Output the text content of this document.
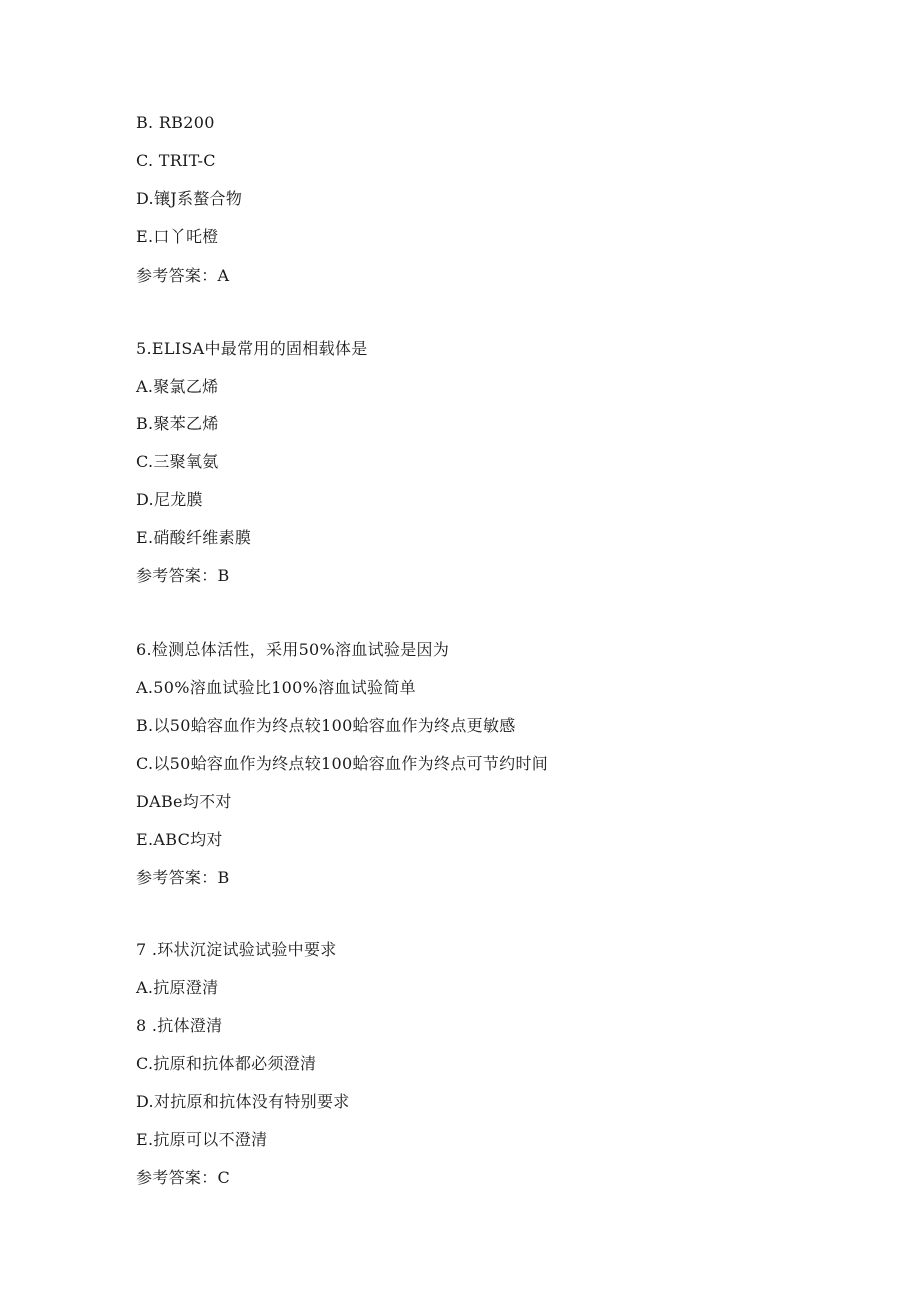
B. RB200
C. TRIT-C
D.镶J系螯合物
E.口丫吒橙
参考答案：A
5.ELISA中最常用的固相载体是
A.聚氯乙烯
B.聚苯乙烯
C.三聚氧氨
D.尼龙膜
E.硝酸纤维素膜
参考答案：B
6.检测总体活性，采用50%溶血试验是因为
A.50%溶血试验比100%溶血试验简单
B.以50蛤容血作为终点较100蛤容血作为终点更敏感
C.以50蛤容血作为终点较100蛤容血作为终点可节约时间
DABe均不对
E.ABC均对
参考答案：B
7 .环状沉淀试验试验中要求
A.抗原澄清
8 .抗体澄清
C.抗原和抗体都必须澄清
D.对抗原和抗体没有特别要求
E.抗原可以不澄清
参考答案：C
